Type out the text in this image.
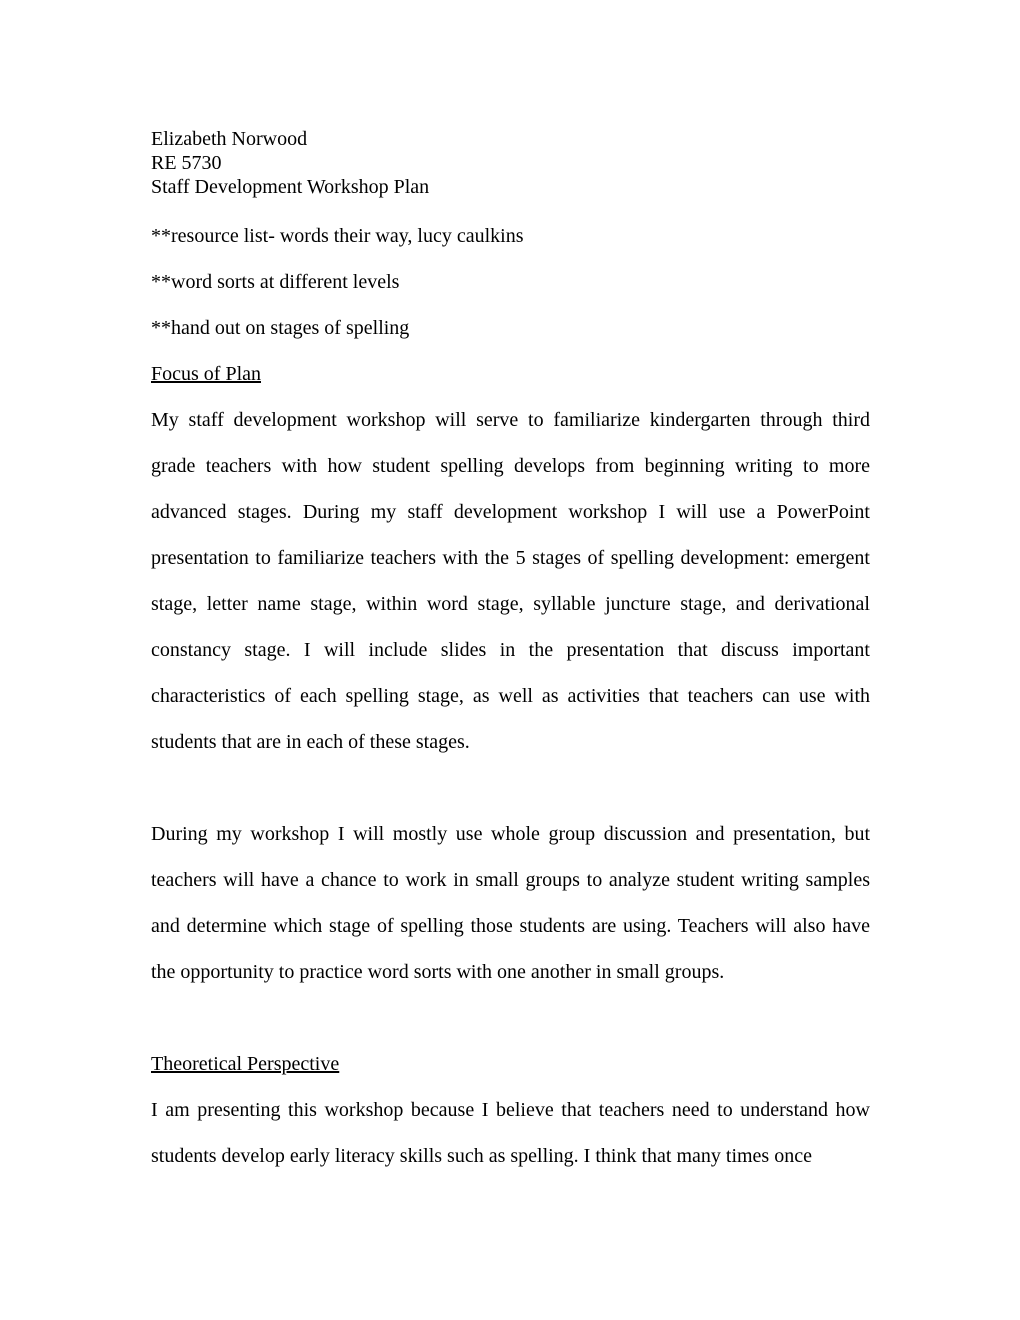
Elizabeth Norwood
RE 5730
Staff Development Workshop Plan
**resource list- words their way, lucy caulkins
**word sorts at different levels
**hand out on stages of spelling
Focus of Plan

My staff development workshop will serve to familiarize kindergarten through third grade teachers with how student spelling develops from beginning writing to more advanced stages. During my staff development workshop I will use a PowerPoint presentation to familiarize teachers with the 5 stages of spelling development: emergent stage, letter name stage, within word stage, syllable juncture stage, and derivational constancy stage. I will include slides in the presentation that discuss important characteristics of each spelling stage, as well as activities that teachers can use with students that are in each of these stages.

During my workshop I will mostly use whole group discussion and presentation, but teachers will have a chance to work in small groups to analyze student writing samples and determine which stage of spelling those students are using. Teachers will also have the opportunity to practice word sorts with one another in small groups.

Theoretical Perspective

I am presenting this workshop because I believe that teachers need to understand how students develop early literacy skills such as spelling. I think that many times once
